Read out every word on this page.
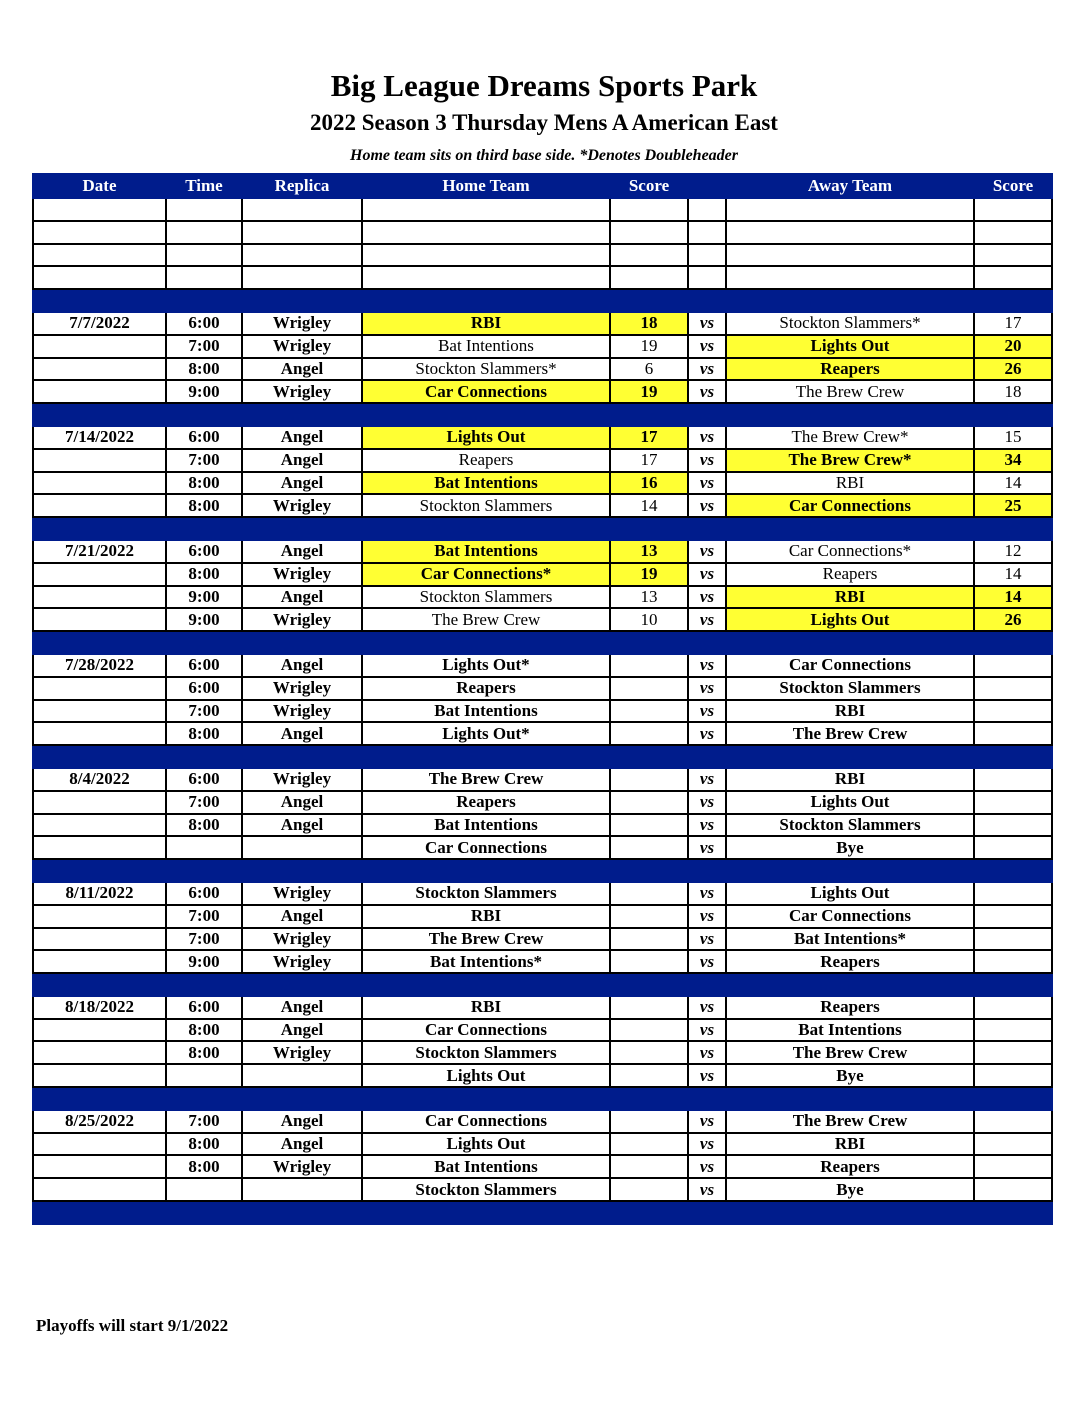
Big League Dreams Sports Park
2022 Season 3 Thursday Mens A American East
Home team sits on third base side. *Denotes Doubleheader
Date	Time	Replica	Home Team	Score		Away Team	Score

7/7/2022	6:00	Wrigley	RBI	18	vs	Stockton Slammers*	17
	7:00	Wrigley	Bat Intentions	19	vs	Lights Out	20
	8:00	Angel	Stockton Slammers*	6	vs	Reapers	26
	9:00	Wrigley	Car Connections	19	vs	The Brew Crew	18

7/14/2022	6:00	Angel	Lights Out	17	vs	The Brew Crew*	15
	7:00	Angel	Reapers	17	vs	The Brew Crew*	34
	8:00	Angel	Bat Intentions	16	vs	RBI	14
	8:00	Wrigley	Stockton Slammers	14	vs	Car Connections	25

7/21/2022	6:00	Angel	Bat Intentions	13	vs	Car Connections*	12
	8:00	Wrigley	Car Connections*	19	vs	Reapers	14
	9:00	Angel	Stockton Slammers	13	vs	RBI	14
	9:00	Wrigley	The Brew Crew	10	vs	Lights Out	26

7/28/2022	6:00	Angel	Lights Out*		vs	Car Connections	
	6:00	Wrigley	Reapers		vs	Stockton Slammers	
	7:00	Wrigley	Bat Intentions		vs	RBI	
	8:00	Angel	Lights Out*		vs	The Brew Crew	

8/4/2022	6:00	Wrigley	The Brew Crew		vs	RBI	
	7:00	Angel	Reapers		vs	Lights Out	
	8:00	Angel	Bat Intentions		vs	Stockton Slammers	
			Car Connections		vs	Bye	

8/11/2022	6:00	Wrigley	Stockton Slammers		vs	Lights Out	
	7:00	Angel	RBI		vs	Car Connections	
	7:00	Wrigley	The Brew Crew		vs	Bat Intentions*	
	9:00	Wrigley	Bat Intentions*		vs	Reapers	

8/18/2022	6:00	Angel	RBI		vs	Reapers	
	8:00	Angel	Car Connections		vs	Bat Intentions	
	8:00	Wrigley	Stockton Slammers		vs	The Brew Crew	
			Lights Out		vs	Bye	

8/25/2022	7:00	Angel	Car Connections		vs	The Brew Crew	
	8:00	Angel	Lights Out		vs	RBI	
	8:00	Wrigley	Bat Intentions		vs	Reapers	
			Stockton Slammers		vs	Bye	

Playoffs will start 9/1/2022
